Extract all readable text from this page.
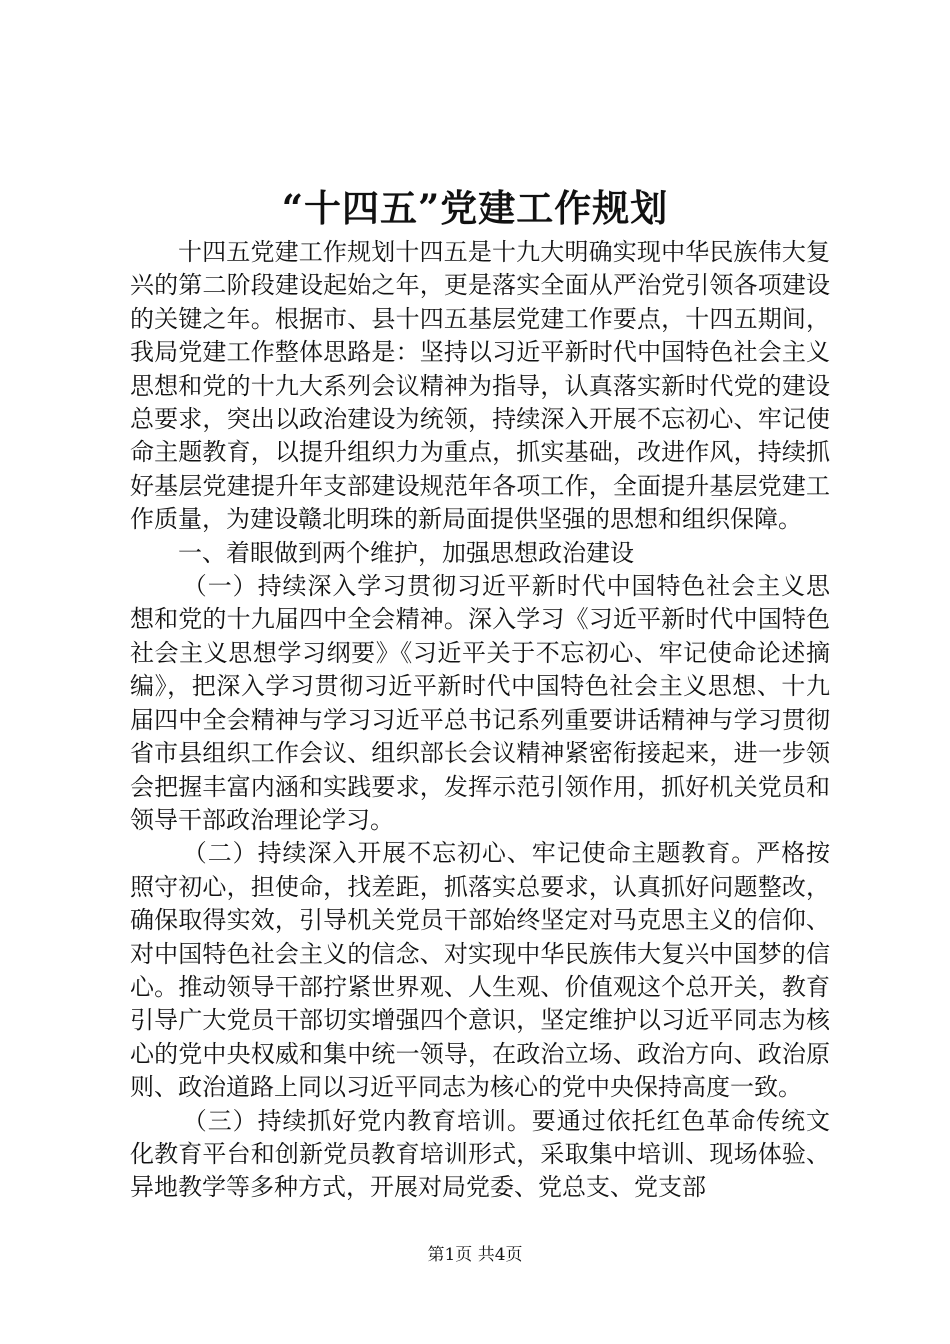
“十四五”党建工作规划

十四五党建工作规划十四五是十九大明确实现中华民族伟大复兴的第二阶段建设起始之年，更是落实全面从严治党引领各项建设的关键之年。根据市、县十四五基层党建工作要点，十四五期间，我局党建工作整体思路是：坚持以习近平新时代中国特色社会主义思想和党的十九大系列会议精神为指导，认真落实新时代党的建设总要求，突出以政治建设为统领，持续深入开展不忘初心、牢记使命主题教育，以提升组织力为重点，抓实基础，改进作风，持续抓好基层党建提升年支部建设规范年各项工作，全面提升基层党建工作质量，为建设赣北明珠的新局面提供坚强的思想和组织保障。

一、着眼做到两个维护，加强思想政治建设

（一）持续深入学习贯彻习近平新时代中国特色社会主义思想和党的十九届四中全会精神。深入学习《习近平新时代中国特色社会主义思想学习纲要》《习近平关于不忘初心、牢记使命论述摘编》，把深入学习贯彻习近平新时代中国特色社会主义思想、十九届四中全会精神与学习习近平总书记系列重要讲话精神与学习贯彻省市县组织工作会议、组织部长会议精神紧密衔接起来，进一步领会把握丰富内涵和实践要求，发挥示范引领作用，抓好机关党员和领导干部政治理论学习。

（二）持续深入开展不忘初心、牢记使命主题教育。严格按照守初心，担使命，找差距，抓落实总要求，认真抓好问题整改，确保取得实效，引导机关党员干部始终坚定对马克思主义的信仰、对中国特色社会主义的信念、对实现中华民族伟大复兴中国梦的信心。推动领导干部拧紧世界观、人生观、价值观这个总开关，教育引导广大党员干部切实增强四个意识，坚定维护以习近平同志为核心的党中央权威和集中统一领导，在政治立场、政治方向、政治原则、政治道路上同以习近平同志为核心的党中央保持高度一致。

（三）持续抓好党内教育培训。要通过依托红色革命传统文化教育平台和创新党员教育培训形式，采取集中培训、现场体验、异地教学等多种方式，开展对局党委、党总支、党支部

第1页 共4页
